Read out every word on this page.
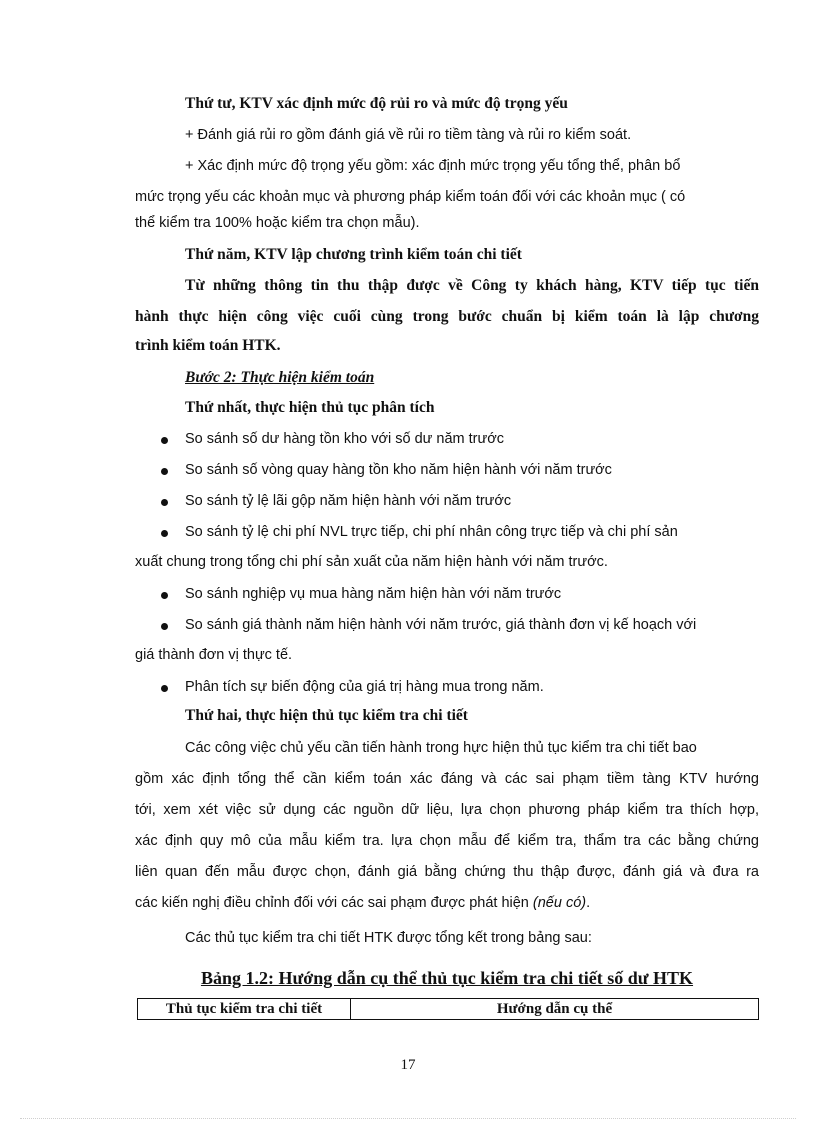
Thứ tư, KTV xác định mức độ rủi ro và mức độ trọng yếu
+ Đánh giá rủi ro gồm đánh giá về rủi ro tiềm tàng và rủi ro kiểm soát.
+ Xác định mức độ trọng yếu gồm: xác định mức trọng yếu tổng thể, phân bổ
mức trọng yếu các khoản mục và phương pháp kiểm toán đối với các khoản mục ( có
thể kiểm tra 100% hoặc kiểm tra chọn mẫu).
Thứ năm, KTV lập chương trình kiểm toán chi tiết
Từ những thông tin thu thập được về Công ty khách hàng, KTV tiếp tục tiến
hành thực hiện công việc cuối cùng trong bước chuẩn bị kiểm toán là lập chương
trình kiểm toán HTK.
Bước 2: Thực hiện kiểm toán
Thứ nhất, thực hiện thủ tục phân tích
So sánh số dư hàng tồn kho với số dư năm trước
So sánh số vòng quay hàng tồn kho năm hiện hành với năm trước
So sánh tỷ lệ lãi gộp năm hiện hành với năm trước
So sánh tỷ lệ chi phí NVL trực tiếp, chi phí nhân công trực tiếp và chi phí sản
xuất chung trong tổng chi phí sản xuất của năm hiện hành với năm trước.
So sánh nghiệp vụ mua hàng năm hiện hàn với năm trước
So sánh giá thành năm hiện hành với năm trước, giá thành đơn vị kế hoạch với
giá thành đơn vị thực tế.
Phân tích sự biến động của giá trị hàng mua trong năm.
Thứ hai, thực hiện thủ tục kiểm tra chi tiết
Các công việc chủ yếu cần tiến hành trong hực hiện thủ tục kiểm tra chi tiết bao
gồm xác định tổng thể cần kiểm toán xác đáng và các sai phạm tiềm tàng KTV hướng
tới, xem xét việc sử dụng các nguồn dữ liệu, lựa chọn phương pháp kiểm tra thích hợp,
xác định quy mô của mẫu kiểm tra. lựa chọn mẫu để kiểm tra, thẩm tra các bằng chứng
liên quan đến mẫu được chọn, đánh giá bằng chứng thu thập được, đánh giá và đưa ra
các kiến nghị điều chỉnh đối với các sai phạm được phát hiện (nếu có).
Các thủ tục kiểm tra chi tiết HTK được tổng kết trong bảng sau:
Bảng 1.2: Hướng dẫn cụ thể thủ tục kiểm tra chi tiết số dư HTK
Thủ tục kiểm tra chi tiết	Hướng dẫn cụ thể
17
